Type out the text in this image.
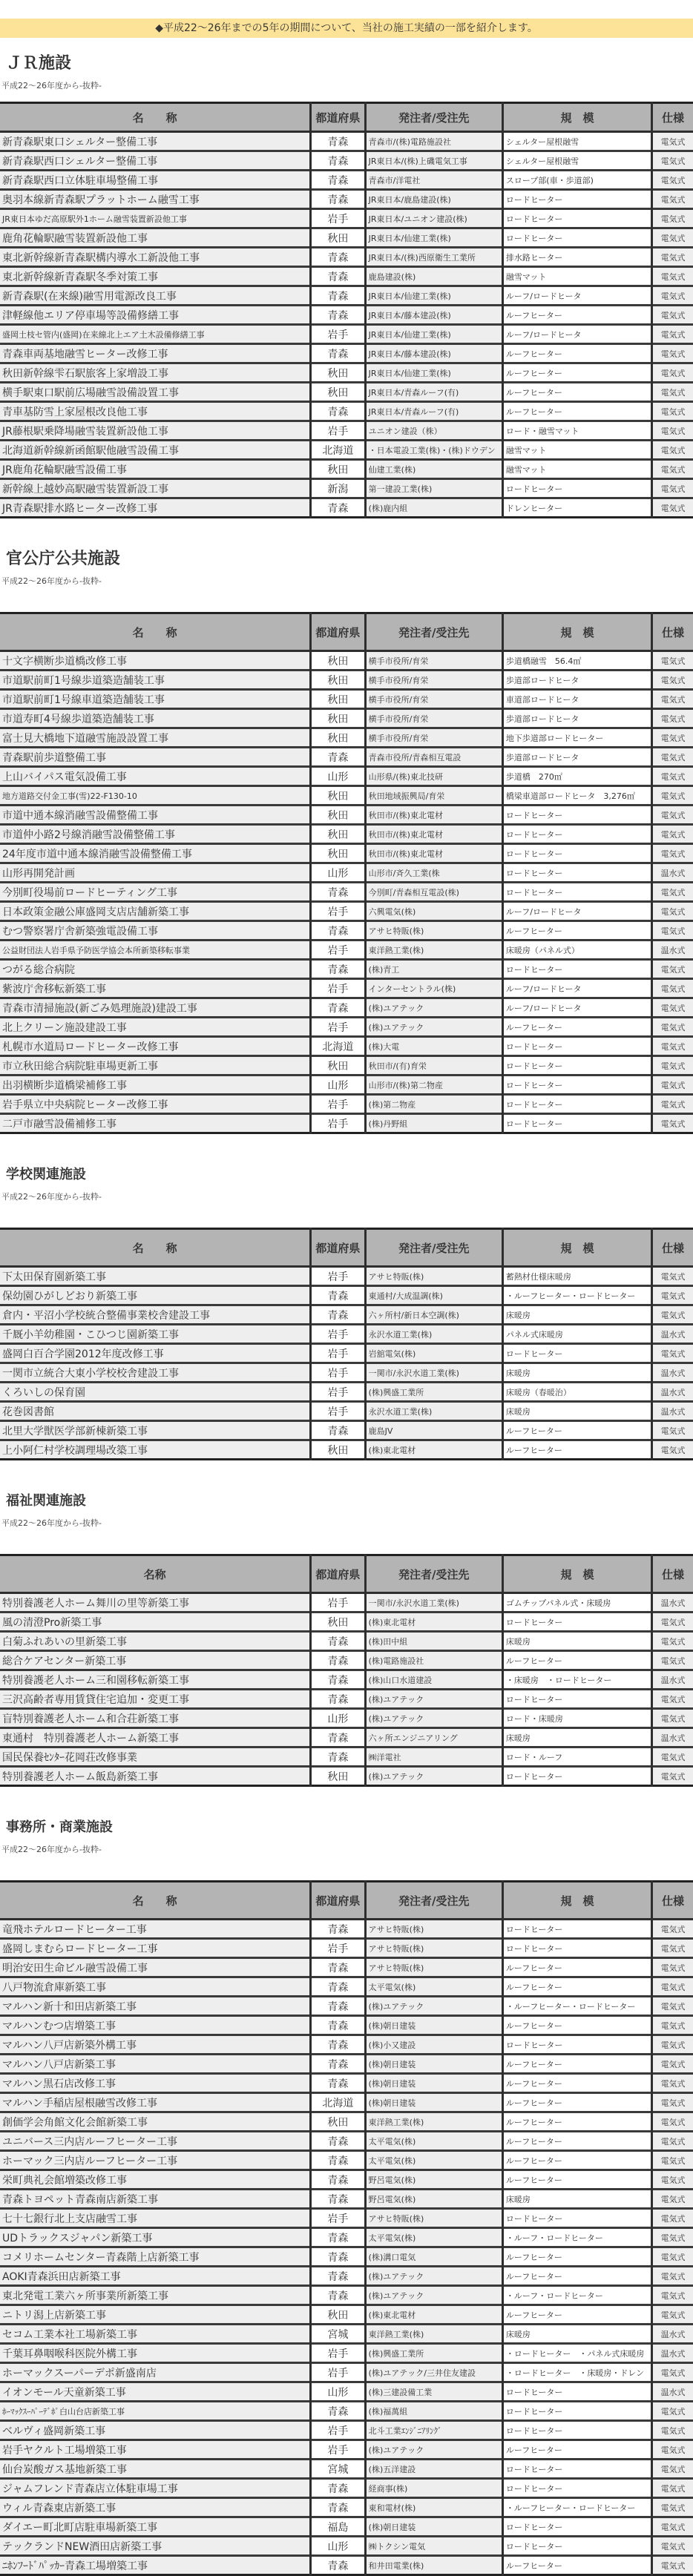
◆平成22～26年までの5年の期間について、当社の施工実績の一部を紹介します。
ＪＲ施設
平成22～26年度から-抜粋-
名　　称	都道府県	発注者/受注先	規　模	仕様
新青森駅東口シェルター整備工事	青森	青森市/(株)電路施設社	シェルター屋根融雪	電気式
新青森駅西口シェルター整備工事	青森	JR東日本/(株)上磯電気工事	シェルター屋根融雪	電気式
新青森駅西口立体駐車場整備工事	青森	青森市/洋電社	スロープ部(車・歩道部)	電気式
奥羽本線新青森駅プラットホーム融雪工事	青森	JR東日本/鹿島建設(株)	ロードヒーター	電気式
JR東日本ゆだ高原駅外1ホーム融雪装置新設他工事	岩手	JR東日本/ユニオン建設(株)	ロードヒーター	電気式
鹿角花輪駅融雪装置新設他工事	秋田	JR東日本/仙建工業(株)	ロードヒーター	電気式
東北新幹線新青森駅構内導水工新設他工事	青森	JR東日本/(株)西原衛生工業所	排水路ヒーター	電気式
東北新幹線新青森駅冬季対策工事	青森	鹿島建設(株)	融雪マット	電気式
新青森駅(在来線)融雪用電源改良工事	青森	JR東日本/仙建工業(株)	ルーフ/ロードヒータ	電気式
津軽線他エリア停車場等設備修繕工事	青森	JR東日本/藤本建設(株)	ルーフヒーター	電気式
盛岡土枝セ管内(盛岡)在来線北上エア土木設備修繕工事	岩手	JR東日本/仙建工業(株)	ルーフ/ロードヒータ	電気式
青森車両基地融雪ヒーター改修工事	青森	JR東日本/藤本建設(株)	ルーフヒーター	電気式
秋田新幹線雫石駅旅客上家増設工事	秋田	JR東日本/仙建工業(株)	ルーフヒーター	電気式
横手駅東口駅前広場融雪設備設置工事	秋田	JR東日本/青森ルーフ(有)	ルーフヒーター	電気式
青車基防雪上家屋根改良他工事	青森	JR東日本/青森ルーフ(有)	ルーフヒーター	電気式
JR藤根駅乗降場融雪装置新設他工事	岩手	ユニオン建設（株）	ロード・融雪マット	電気式
北海道新幹線新函館駅他融雪設備工事	北海道	・日本電設工業(株)・(株)ドウデン	融雪マット	電気式
JR鹿角花輪駅融雪設備工事	秋田	仙建工業(株)	融雪マット	電気式
新幹線上越妙高駅融雪装置新設工事	新潟	第一建設工業(株)	ロードヒーター	電気式
JR青森駅排水路ヒーター改修工事	青森	(株)鹿内組	ドレンヒーター	電気式
官公庁公共施設
平成22～26年度から-抜粋-
名　　称	都道府県	発注者/受注先	規　模	仕様
十文字横断歩道橋改修工事	秋田	横手市役所/育栄	歩道橋融雪　56.4㎡	電気式
市道駅前町1号線歩道築造舗装工事	秋田	横手市役所/育栄	歩道部ロードヒータ	電気式
市道駅前町1号線車道築造舗装工事	秋田	横手市役所/育栄	車道部ロードヒータ	電気式
市道寿町4号線歩道築造舗装工事	秋田	横手市役所/育栄	歩道部ロードヒータ	電気式
富士見大橋地下道融雪施設設置工事	秋田	横手市役所/育栄	地下歩道部ロードヒーター	電気式
青森駅前歩道整備工事	青森	青森市役所/青森相互電設	歩道部ロードヒータ	電気式
上山バイパス電気設備工事	山形	山形県/(株)東北技研	歩道橋　270㎡	電気式
地方道路交付金工事(雪)22-F130-10	秋田	秋田地域振興局/育栄	橋梁車道部ロードヒータ　3,276㎡	電気式
市道中通本線消融雪設備整備工事	秋田	秋田市/(株)東北電材	ロードヒーター	電気式
市道仲小路2号線消融雪設備整備工事	秋田	秋田市/(株)東北電材	ロードヒーター	電気式
24年度市道中通本線消融雪設備整備工事	秋田	秋田市/(株)東北電材	ロードヒーター	電気式
山形再開発計画	山形	山形市/斉久工業(株	ロードヒーター	温水式
今別町役場前ロードヒーティング工事	青森	今別町/青森相互電設(株)	ロードヒーター	電気式
日本政策金融公庫盛岡支店店舗新築工事	岩手	六興電気(株)	ルーフ/ロードヒータ	電気式
むつ警察署庁舎新築強電設備工事	青森	アサヒ特販(株)	ルーフヒーター	電気式
公益財団法人岩手県予防医学協会本所新築移転事業	岩手	東洋熱工業(株)	床暖房（パネル式）	温水式
つがる総合病院	青森	(株)青工	ロードヒーター	電気式
紫波庁舎移転新築工事	岩手	インターセントラル(株)	ルーフ/ロードヒータ	電気式
青森市清掃施設(新ごみ処理施設)建設工事	青森	(株)ユアテック	ルーフ/ロードヒータ	電気式
北上クリーン施設建設工事	岩手	(株)ユアテック	ルーフヒーター	電気式
札幌市水道局ロードヒーター改修工事	北海道	(株)大電	ロードヒーター	電気式
市立秋田総合病院駐車場更新工事	秋田	秋田市/(有)育栄	ロードヒーター	電気式
出羽横断歩道橋梁補修工事	山形	山形市/(株)第二物産	ロードヒーター	電気式
岩手県立中央病院ヒーター改修工事	岩手	(株)第二物産	ロードヒーター	電気式
二戸市融雪設備補修工事	岩手	(株)丹野組	ロードヒーター	電気式
学校関連施設
平成22～26年度から-抜粋-
名　　称	都道府県	発注者/受注先	規　模	仕様
下太田保育園新築工事	岩手	アサヒ特販(株)	蓄熱材仕様床暖房	電気式
保幼園ひがしどおり新築工事	青森	東通村/大成温調(株)	・ルーフヒーター・ロードヒーター	電気式
倉内・平沼小学校統合整備事業校舎建設工事	青森	六ヶ所村/新日本空調(株)	床暖房	電気式
千厩小羊幼稚園・こひつじ園新築工事	岩手	永沢水道工業(株)	パネル式床暖房	温水式
盛岡白百合学園2012年度改修工事	岩手	岩舘電気(株)	ロードヒーター	電気式
一関市立統合大東小学校校舎建設工事	岩手	一関市/永沢水道工業(株)	床暖房	温水式
くろいしの保育園	岩手	(株)興盛工業所	床暖房（春暖治）	温水式
花巻図書館	岩手	永沢水道工業(株)	床暖房	温水式
北里大学獣医学部新棟新築工事	青森	鹿島JV	ルーフヒーター	電気式
上小阿仁村学校調理場改築工事	秋田	(株)東北電材	ルーフヒーター	電気式
福祉関連施設
平成22～26年度から-抜粋-
名称	都道府県	発注者/受注先	規　模	仕様
特別養護老人ホーム舞川の里等新築工事	岩手	一関市/永沢水道工業(株)	ゴムチップパネル式・床暖房	温水式
風の清澄Pro新築工事	秋田	(株)東北電材	ロードヒーター	電気式
白菊ふれあいの里新築工事	青森	(株)田中組	床暖房	電気式
総合ケアセンター新築工事	青森	(株)電路施設社	ルーフヒーター	電気式
特別養護老人ホーム三和園移転新築工事	青森	(株)山口水道建設	・床暖房　・ロードヒーター	温水式
三沢高齢者専用賃貸住宅追加・変更工事	青森	(株)ユアテック	ロードヒーター	電気式
盲特別養護老人ホーム和合荘新築工事	山形	(株)ユアテック	ロード・床暖房	電気式
東通村　特別養護老人ホーム新築工事	青森	六ヶ所エンジニアリング	床暖房	温水式
国民保養ｾﾝﾀｰ花岡荘改修事業	青森	㈱洋電社	ロード・ルーフ	電気式
特別養護老人ホーム飯島新築工事	秋田	(株)ユアテック	ロードヒーター	電気式
事務所・商業施設
平成22～26年度から-抜粋-
名　　称	都道府県	発注者/受注先	規　模	仕様
竜飛ホテルロードヒーター工事	青森	アサヒ特販(株)	ロードヒーター	電気式
盛岡しまむらロードヒーター工事	岩手	アサヒ特販(株)	ロードヒーター	電気式
明治安田生命ビル融雪設備工事	青森	アサヒ特販(株)	ルーフヒーター	電気式
八戸物流倉庫新築工事	青森	太平電気(株)	ルーフヒーター	電気式
マルハン新十和田店新築工事	青森	(株)ユアテック	・ルーフヒーター・ロードヒーター	電気式
マルハンむつ店増築工事	青森	(株)朝日建装	ルーフヒーター	電気式
マルハン八戸店新築外構工事	青森	(株)小又建設	ロードヒーター	電気式
マルハン八戸店新築工事	青森	(株)朝日建装	ルーフヒーター	電気式
マルハン黒石店改修工事	青森	(株)朝日建装	ルーフヒーター	電気式
マルハン手稲店屋根融雪改修工事	北海道	(株)朝日建装	ルーフヒーター	電気式
創価学会角館文化会館新築工事	秋田	東洋熱工業(株)	ルーフヒーター	電気式
ユニバース三内店ルーフヒーター工事	青森	太平電気(株)	ルーフヒーター	電気式
ホーマック三内店ルーフヒーター工事	青森	太平電気(株)	ルーフヒーター	電気式
栄町典礼会館増築改修工事	青森	野呂電気(株)	ルーフヒーター	電気式
青森トヨペット青森南店新築工事	青森	野呂電気(株)	床暖房	電気式
七十七銀行北上支店融雪工事	岩手	アサヒ特販(株)	ロードヒーター	電気式
UDトラックスジャパン新築工事	青森	太平電気(株)	・ルーフ・ロードヒーター	電気式
コメリホームセンター青森階上店新築工事	青森	(株)溝口電気	ルーフヒーター	電気式
AOKI青森浜田店新築工事	青森	(株)ユアテック	ルーフヒーター	電気式
東北発電工業六ヶ所事業所新築工事	青森	(株)ユアテック	・ルーフ・ロードヒーター	電気式
ニトリ潟上店新築工事	秋田	(株)東北電材	ルーフヒーター	電気式
セコム工業本社工場新築工事	宮城	東洋熱工業(株)	床暖房	温水式
千葉耳鼻咽喉科医院外構工事	岩手	(株)興盛工業所	・ロードヒーター　・パネル式床暖房	温水式
ホーマックスーパーデポ新盛南店	岩手	(株)ユアテック/三井住友建設	・ロードヒーター　・床暖房・ドレン	電気式
イオンモール天童新築工事	山形	(株)三建設備工業	ロードヒーター	温水式
ﾎｰﾏｯｸｽｰﾊﾟｰﾃﾞﾎﾟ白山台店新築工事	青森	(株)福萬組	ロードヒーター	電気式
ベルヴィ盛岡新築工事	岩手	北斗工業ｴﾝｼﾞﾆｱﾘﾝｸﾞ	ロードヒーター	電気式
岩手ヤクルト工場増築工事	岩手	(株)ユアテック	ルーフヒーター	電気式
仙台炭酸ガス基地新築工事	宮城	(株)五洋建設	ロードヒーター	電気式
ジャムフレンド青森店立体駐車場工事	青森	経商事(株)	ロードヒーター	電気式
ウィル青森東店新築工事	青森	東和電材(株)	・ルーフヒーター・ロードヒーター	電気式
ダイエー町北町店駐車場新築工事	福島	(株)朝日建装	ロードヒーター	電気式
テックランドNEW酒田店新築工事	山形	㈱トクシン電気	ロードヒーター	電気式
ﾆﾎﾝﾌｰﾄﾞﾊﾟｯｶｰ青森工場増築工事	青森	和井田電業(株)	ルーフヒーター	電気式
